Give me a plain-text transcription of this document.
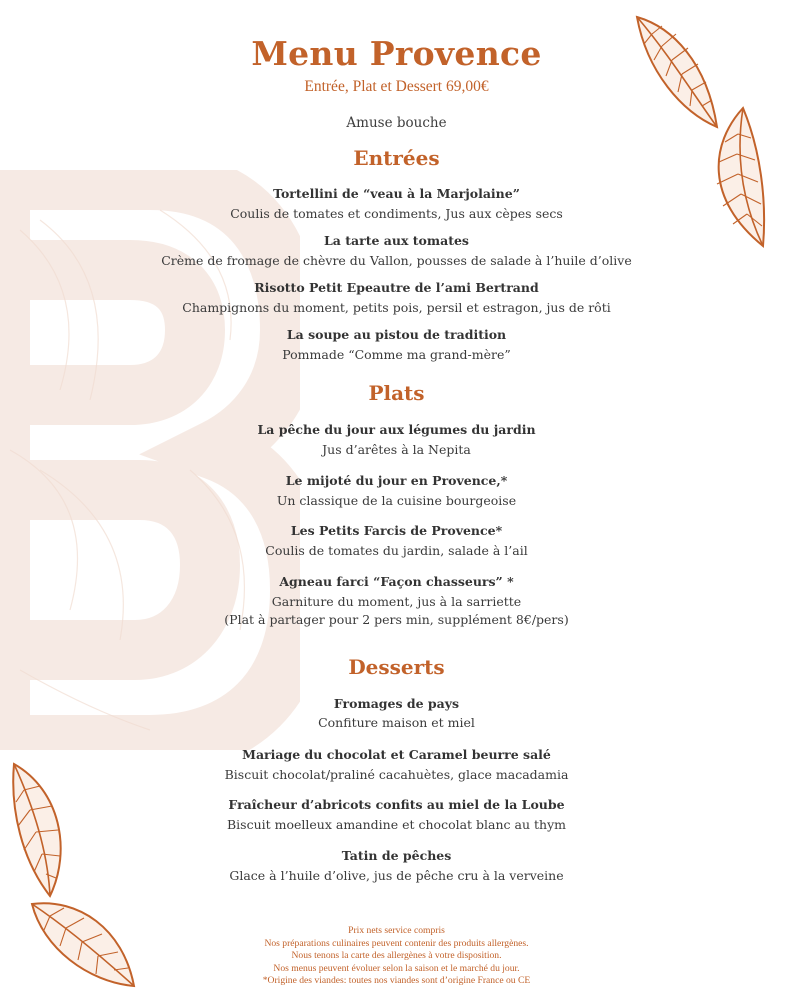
Menu Provence
Entrée, Plat et Dessert 69,00€
Amuse bouche
Entrées
Tortellini de “veau à la Marjolaine”
Coulis de tomates et condiments, Jus aux cèpes secs
La tarte aux tomates
Crème de fromage de chèvre du Vallon, pousses de salade à l’huile d’olive
Risotto Petit Epeautre de l’ami Bertrand
Champignons du moment, petits pois, persil et estragon, jus de rôti
La soupe au pistou de tradition
Pommade “Comme ma grand-mère”
Plats
La pêche du jour aux légumes du jardin
Jus d’arêtes à la Nepita
Le mijoté du jour en Provence,*
Un classique de la cuisine bourgeoise
Les Petits Farcis de Provence*
Coulis de tomates du jardin, salade à l’ail
Agneau farci “Façon chasseurs” *
Garniture du moment, jus à la sarriette
(Plat à partager pour 2 pers min, supplément 8€/pers)
Desserts
Fromages de pays
Confiture maison et miel
Mariage du chocolat et Caramel beurre salé
Biscuit chocolat/praliné cacahuètes, glace macadamia
Fraîcheur d’abricots confits au miel de la Loube
Biscuit moelleux amandine et chocolat blanc au thym
Tatin de pêches
Glace à l’huile d’olive, jus de pêche cru à la verveine
Prix nets service compris
Nos préparations culinaires peuvent contenir des produits allergènes.
Nous tenons la carte des allergènes à votre disposition.
Nos menus peuvent évoluer selon la saison et le marché du jour.
*Origine des viandes: toutes nos viandes sont d’origine France ou CE
